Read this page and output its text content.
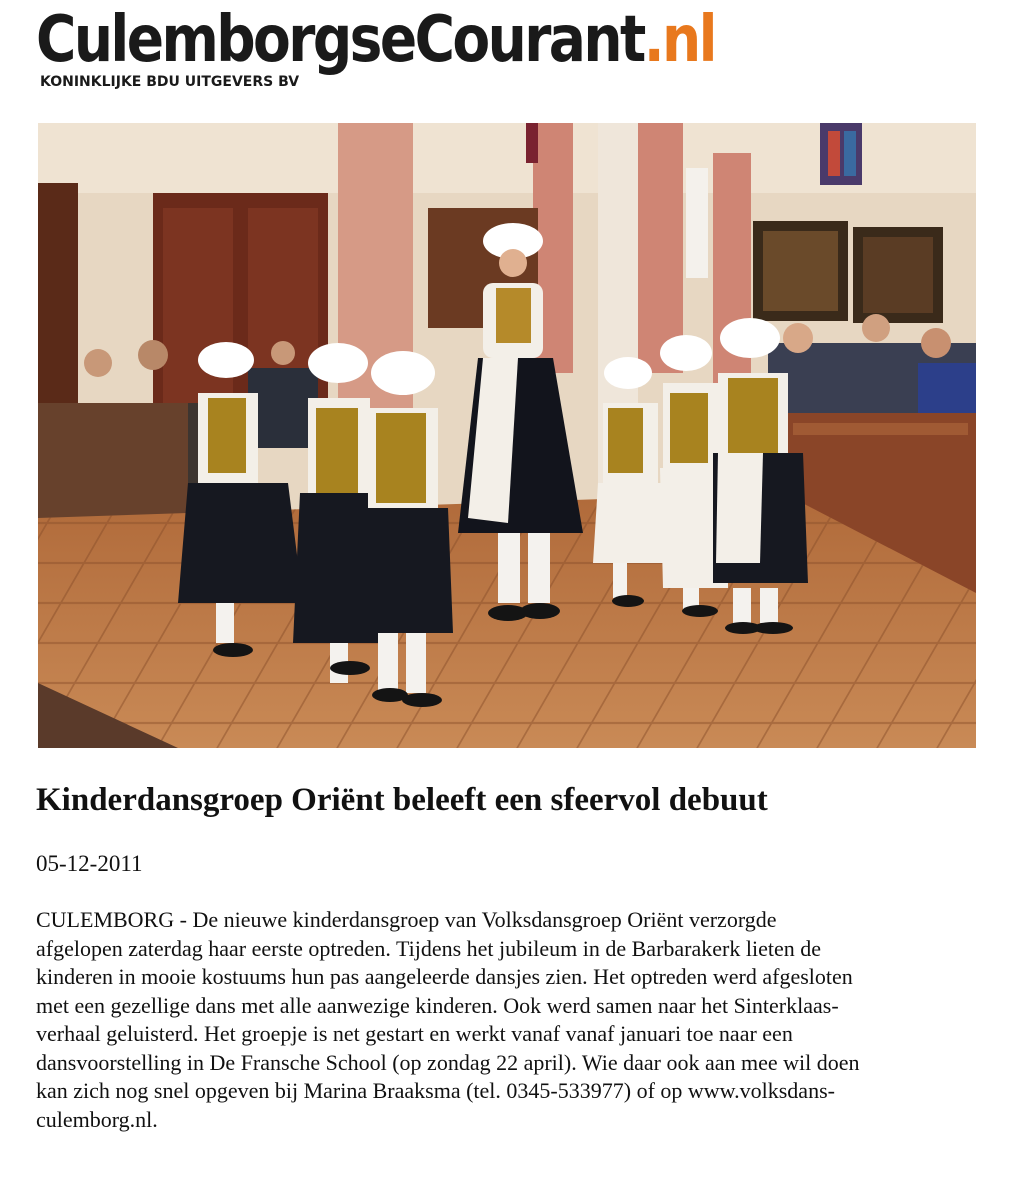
CulemborgseCourant.nl
KONINKLIJKE BDU UITGEVERS BV
Kinderdansgroep Oriënt beleeft een sfeervol debuut
05-12-2011
CULEMBORG - De nieuwe kinderdansgroep van Volksdansgroep Oriënt verzorgde
afgelopen zaterdag haar eerste optreden. Tijdens het jubileum in de Barbarakerk lieten de
kinderen in mooie kostuums hun pas aangeleerde dansjes zien. Het optreden werd afgesloten
met een gezellige dans met alle aanwezige kinderen. Ook werd samen naar het Sinterklaas-
verhaal geluisterd. Het groepje is net gestart en werkt vanaf vanaf januari toe naar een
dansvoorstelling in De Fransche School (op zondag 22 april). Wie daar ook aan mee wil doen
kan zich nog snel opgeven bij Marina Braaksma (tel. 0345-533977) of op www.volksdans-
culemborg.nl.
